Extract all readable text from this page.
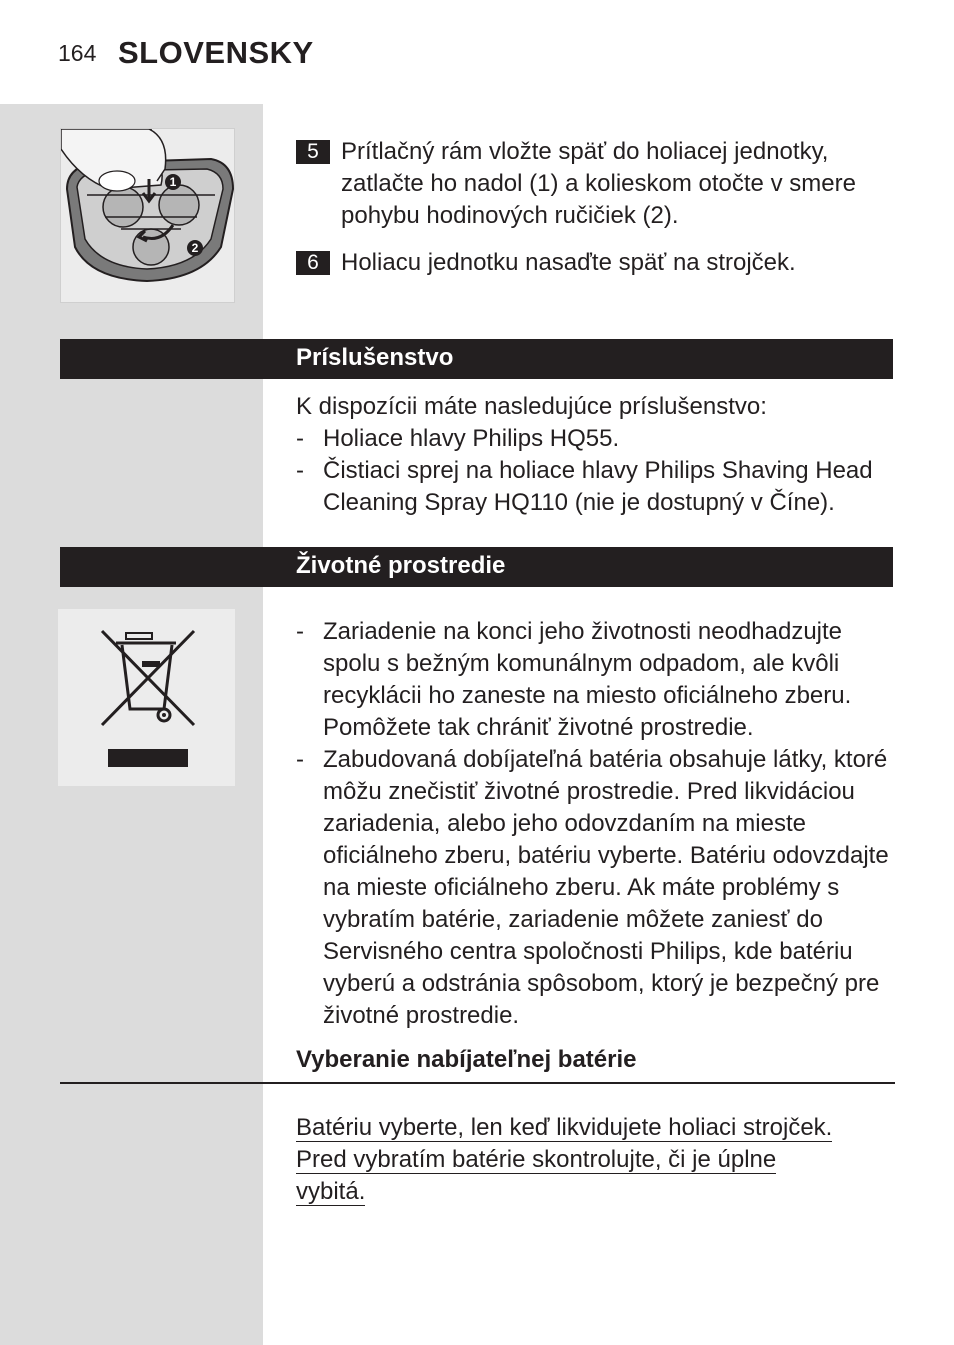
164 SLOVENSKY
1
2
5 Prítlačný rám vložte späť do holiacej jednotky, zatlačte ho nadol (1) a kolieskom otočte v smere pohybu hodinových ručičiek (2).
6 Holiacu jednotku nasaďte späť na strojček.
Príslušenstvo
K dispozícii máte nasledujúce príslušenstvo:
- Holiace hlavy Philips HQ55.
- Čistiaci sprej na holiace hlavy Philips Shaving Head Cleaning Spray HQ110 (nie je dostupný v Číne).
Životné prostredie
- Zariadenie na konci jeho životnosti neodhadzujte spolu s bežným komunálnym odpadom, ale kvôli recyklácii ho zaneste na miesto oficiálneho zberu. Pomôžete tak chrániť životné prostredie.
- Zabudovaná dobíjateľná batéria obsahuje látky, ktoré môžu znečistiť životné prostredie. Pred likvidáciou zariadenia, alebo jeho odovzdaním na mieste oficiálneho zberu, batériu vyberte. Batériu odovzdajte na mieste oficiálneho zberu. Ak máte problémy s vybratím batérie, zariadenie môžete zaniesť do Servisného centra spoločnosti Philips, kde batériu vyberú a odstránia spôsobom, ktorý je bezpečný pre životné prostredie.
Vyberanie nabíjateľnej batérie
Batériu vyberte, len keď likvidujete holiaci strojček.
Pred vybratím batérie skontrolujte, či je úplne
vybitá.
